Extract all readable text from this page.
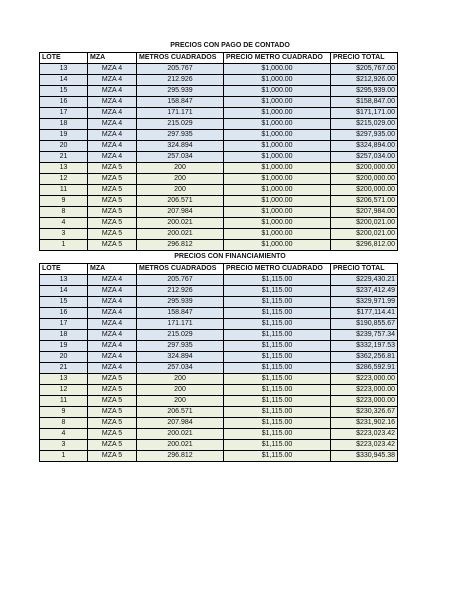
PRECIOS CON PAGO DE CONTADO
LOTE	MZA	METROS CUADRADOS	PRECIO METRO CUADRADO	PRECIO TOTAL
13	MZA 4	205.767	$1,000.00	$205,767.00
14	MZA 4	212.926	$1,000.00	$212,926.00
15	MZA 4	295.939	$1,000.00	$295,939.00
16	MZA 4	158.847	$1,000.00	$158,847.00
17	MZA 4	171.171	$1,000.00	$171,171.00
18	MZA 4	215.029	$1,000.00	$215,029.00
19	MZA 4	297.935	$1,000.00	$297,935.00
20	MZA 4	324.894	$1,000.00	$324,894.00
21	MZA 4	257.034	$1,000.00	$257,034.00
13	MZA 5	200	$1,000.00	$200,000.00
12	MZA 5	200	$1,000.00	$200,000.00
11	MZA 5	200	$1,000.00	$200,000.00
9	MZA 5	206.571	$1,000.00	$206,571.00
8	MZA 5	207.984	$1,000.00	$207,984.00
4	MZA 5	200.021	$1,000.00	$200,021.00
3	MZA 5	200.021	$1,000.00	$200,021.00
1	MZA 5	296.812	$1,000.00	$296,812.00
PRECIOS CON FINANCIAMIENTO
LOTE	MZA	METROS CUADRADOS	PRECIO METRO CUADRADO	PRECIO TOTAL
13	MZA 4	205.767	$1,115.00	$229,430.21
14	MZA 4	212.926	$1,115.00	$237,412.49
15	MZA 4	295.939	$1,115.00	$329,971.99
16	MZA 4	158.847	$1,115.00	$177,114.41
17	MZA 4	171.171	$1,115.00	$190,855.67
18	MZA 4	215.029	$1,115.00	$239,757.34
19	MZA 4	297.935	$1,115.00	$332,197.53
20	MZA 4	324.894	$1,115.00	$362,256.81
21	MZA 4	257.034	$1,115.00	$286,592.91
13	MZA 5	200	$1,115.00	$223,000.00
12	MZA 5	200	$1,115.00	$223,000.00
11	MZA 5	200	$1,115.00	$223,000.00
9	MZA 5	206.571	$1,115.00	$230,326.67
8	MZA 5	207.984	$1,115.00	$231,902.16
4	MZA 5	200.021	$1,115.00	$223,023.42
3	MZA 5	200.021	$1,115.00	$223,023.42
1	MZA 5	296.812	$1,115.00	$330,945.38
